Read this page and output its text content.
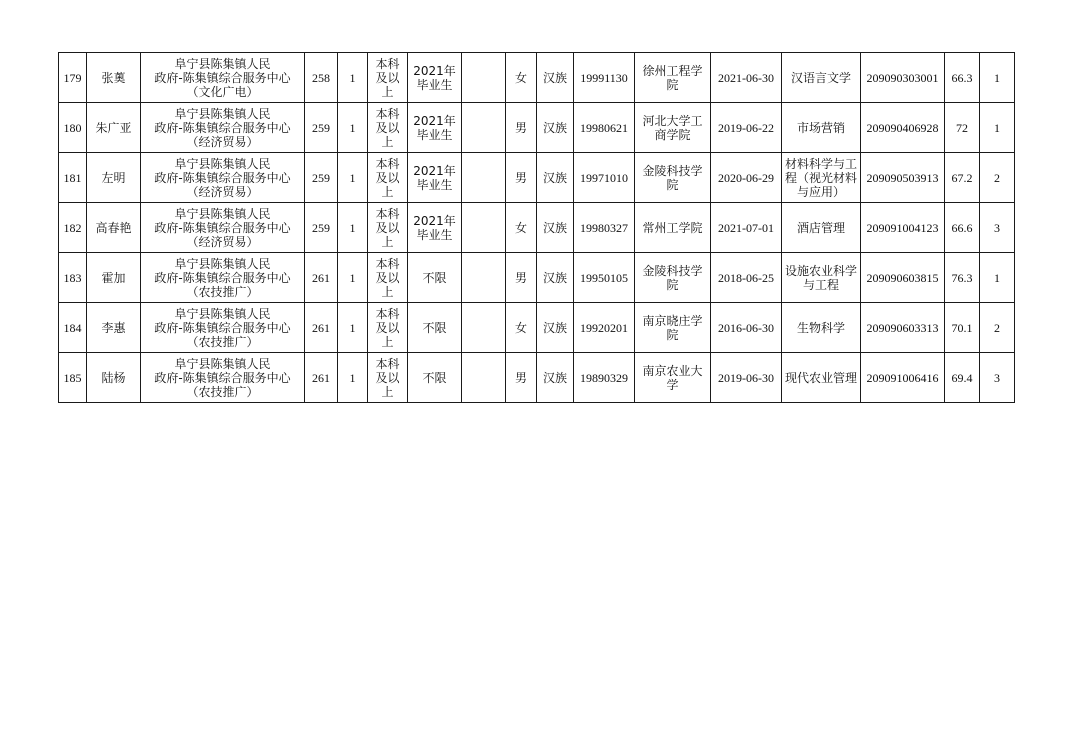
179	张薁	阜宁县陈集镇人民
政府-陈集镇综合服务中心
（文化广电）	258	1	本科
及以
上	2021年
毕业生		女	汉族	19991130	徐州工程学
院	2021-06-30	汉语言文学	209090303001	66.3	1
180	朱广亚	阜宁县陈集镇人民
政府-陈集镇综合服务中心
（经济贸易）	259	1	本科
及以
上	2021年
毕业生		男	汉族	19980621	河北大学工
商学院	2019-06-22	市场营销	209090406928	72	1
181	左明	阜宁县陈集镇人民
政府-陈集镇综合服务中心
（经济贸易）	259	1	本科
及以
上	2021年
毕业生		男	汉族	19971010	金陵科技学
院	2020-06-29	材料科学与工
程（视光材料
与应用）	209090503913	67.2	2
182	高春艳	阜宁县陈集镇人民
政府-陈集镇综合服务中心
（经济贸易）	259	1	本科
及以
上	2021年
毕业生		女	汉族	19980327	常州工学院	2021-07-01	酒店管理	209091004123	66.6	3
183	霍加	阜宁县陈集镇人民
政府-陈集镇综合服务中心
（农技推广）	261	1	本科
及以
上	不限		男	汉族	19950105	金陵科技学
院	2018-06-25	设施农业科学
与工程	209090603815	76.3	1
184	李惠	阜宁县陈集镇人民
政府-陈集镇综合服务中心
（农技推广）	261	1	本科
及以
上	不限		女	汉族	19920201	南京晓庄学
院	2016-06-30	生物科学	209090603313	70.1	2
185	陆杨	阜宁县陈集镇人民
政府-陈集镇综合服务中心
（农技推广）	261	1	本科
及以
上	不限		男	汉族	19890329	南京农业大
学	2019-06-30	现代农业管理	209091006416	69.4	3
